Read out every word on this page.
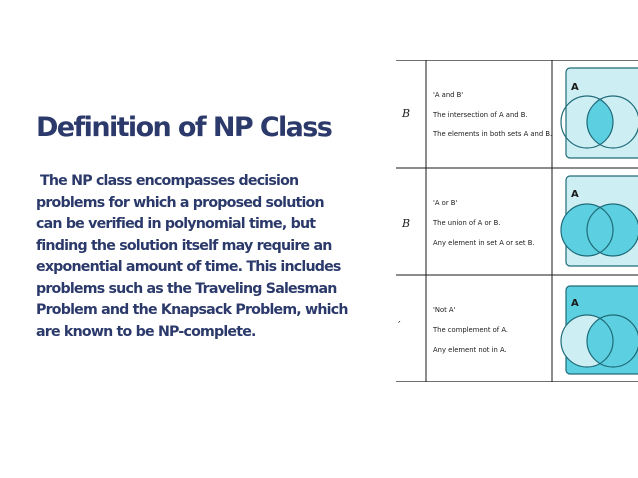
Definition of NP Class
The NP class encompasses decision
problems for which a proposed solution
can be verified in polynomial time, but
finding the solution itself may require an
exponential amount of time. This includes
problems such as the Traveling Salesman
Problem and the Knapsack Problem, which
are known to be NP-complete.
B
'A and B'
The intersection of A and B.
The elements in both sets A and B.
A
B
'A or B'
The union of A or B.
Any element in set A or set B.
A
′
'Not A'
The complement of A.
Any element not in A.
A
